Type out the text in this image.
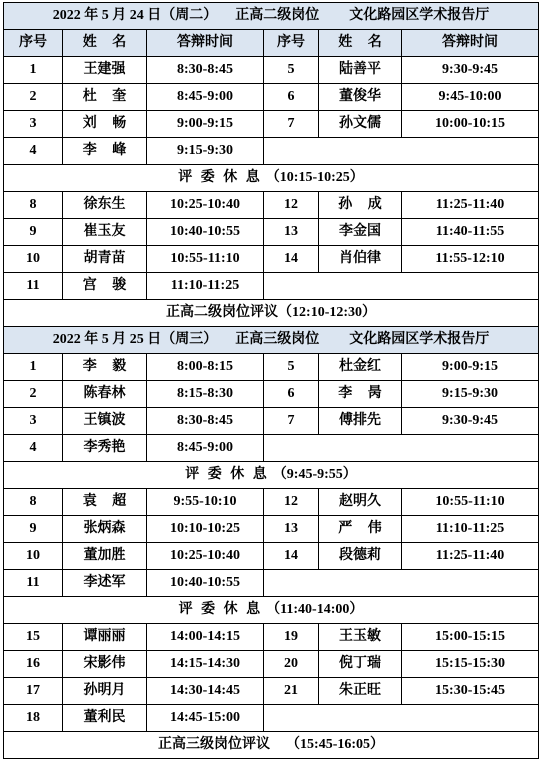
2022 年 5 月 24 日（周二） 正高二级岗位 文化路园区学术报告厅					
序号	姓 名	答辩时间	序号	姓 名	答辩时间
1	王建强	8:30-8:45	5	陆善平	9:30-9:45
2	杜 奎	8:45-9:00	6	董俊华	9:45-10:00
3	刘 畅	9:00-9:15	7	孙文儒	10:00-10:15
4	李 峰	9:15-9:30			
评 委 休 息 （10:15-10:25）					
8	徐东生	10:25-10:40	12	孙 成	11:25-11:40
9	崔玉友	10:40-10:55	13	李金国	11:40-11:55
10	胡青苗	10:55-11:10	14	肖伯律	11:55-12:10
11	宫 骏	11:10-11:25			
正高二级岗位评议（12:10-12:30）					
2022 年 5 月 25 日（周三） 正高三级岗位 文化路园区学术报告厅					
1	李 毅	8:00-8:15	5	杜金红	9:00-9:15
2	陈春林	8:15-8:30	6	李 昺	9:15-9:30
3	王镇波	8:30-8:45	7	傅排先	9:30-9:45
4	李秀艳	8:45-9:00			
评 委 休 息 （9:45-9:55）					
8	袁 超	9:55-10:10	12	赵明久	10:55-11:10
9	张炳森	10:10-10:25	13	严 伟	11:10-11:25
10	董加胜	10:25-10:40	14	段德莉	11:25-11:40
11	李述军	10:40-10:55			
评 委 休 息 （11:40-14:00）					
15	谭丽丽	14:00-14:15	19	王玉敏	15:00-15:15
16	宋影伟	14:15-14:30	20	倪丁瑞	15:15-15:30
17	孙明月	14:30-14:45	21	朱正旺	15:30-15:45
18	董利民	14:45-15:00			
正高三级岗位评议 （15:45-16:05）					
